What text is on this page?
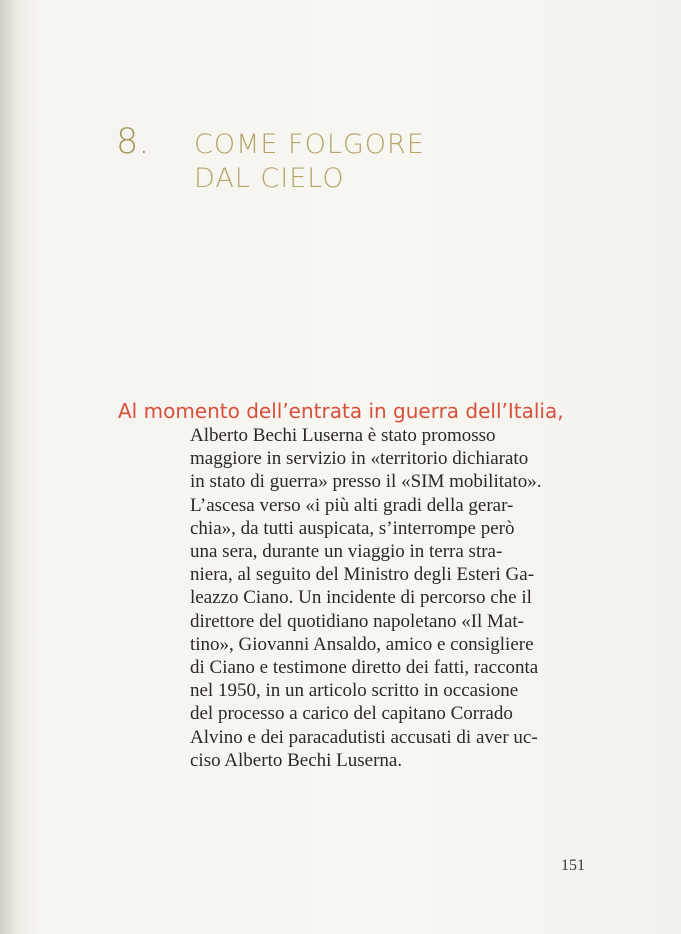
8. COME FOLGORE
DAL CIELO
Al momento dell’entrata in guerra dell’Italia,
Alberto Bechi Luserna è stato promosso
maggiore in servizio in «territorio dichiarato
in stato di guerra» presso il «SIM mobilitato».
L’ascesa verso «i più alti gradi della gerar-
chia», da tutti auspicata, s’interrompe però
una sera, durante un viaggio in terra stra-
niera, al seguito del Ministro degli Esteri Ga-
leazzo Ciano. Un incidente di percorso che il
direttore del quotidiano napoletano «Il Mat-
tino», Giovanni Ansaldo, amico e consigliere
di Ciano e testimone diretto dei fatti, racconta
nel 1950, in un articolo scritto in occasione
del processo a carico del capitano Corrado
Alvino e dei paracadutisti accusati di aver uc-
ciso Alberto Bechi Luserna.
151
